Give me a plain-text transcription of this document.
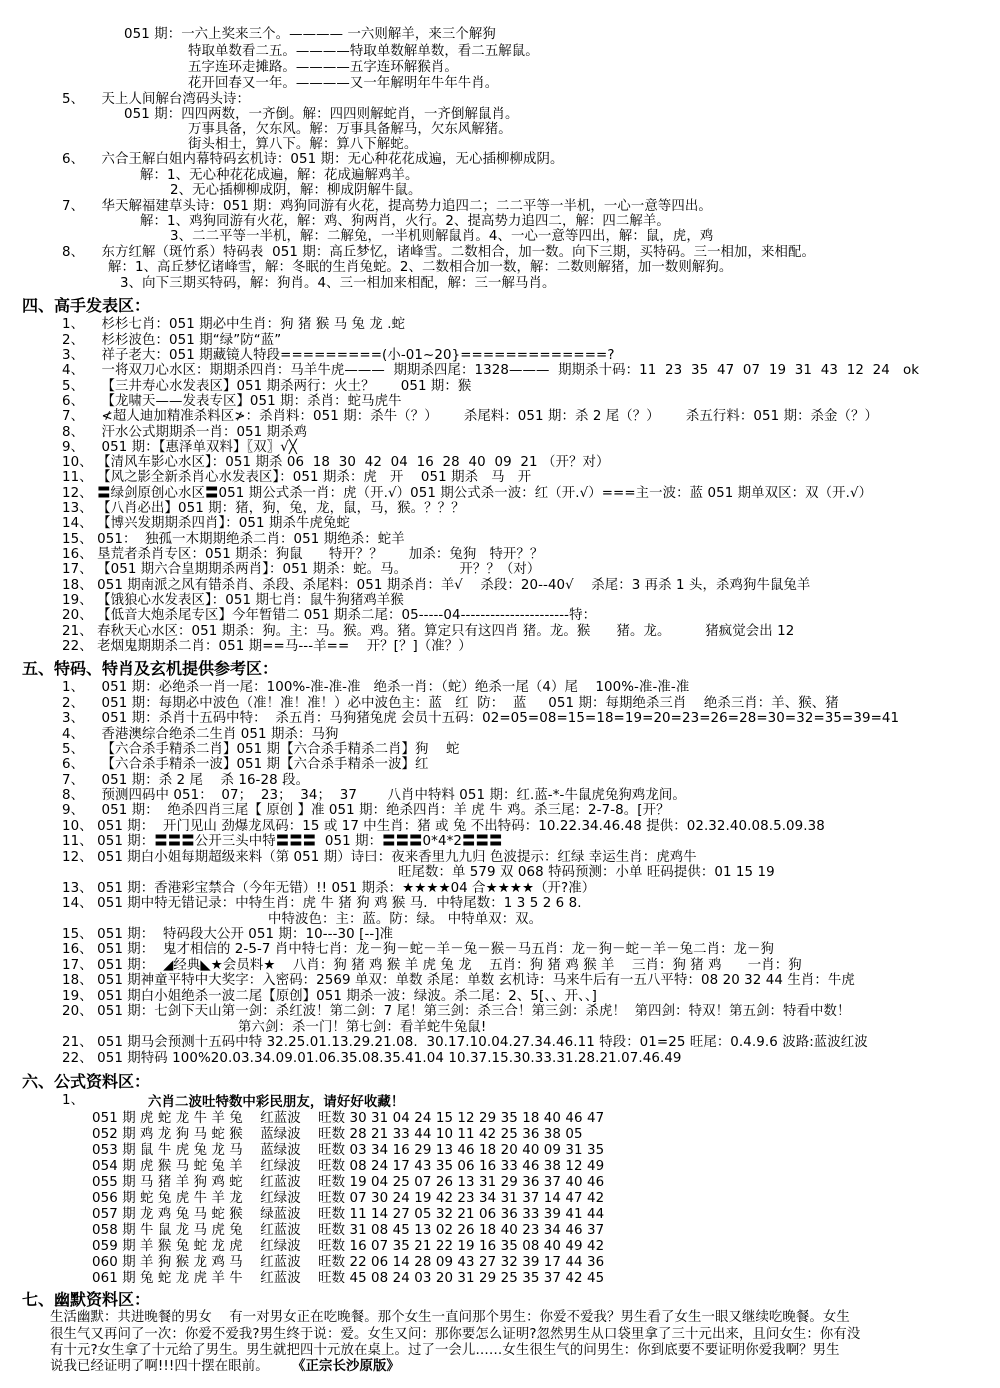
051 期：一六上奖来三个。———— 一六则解羊，来三个解狗
特取单数看二五。————特取单数解单数，看二五解鼠。
五字连环走摊路。————五字连环解猴肖。
花开回春又一年。————又一年解明年牛年牛肖。
5、    天上人间解台湾码头诗：
051 期：四四两数，一齐倒。解：四四则解蛇肖，一齐倒解鼠肖。
万事具备，欠东风。解：万事具备解马，欠东风解猪。
街头相士，算八下。解：算八下解蛇。
6、    六合王解白姐内幕特码玄机诗：051 期：无心种花花成遍，无心插柳柳成阴。
解：1、无心种花花成遍，解：花成遍解鸡羊。
2、无心插柳柳成阴，解：柳成阴解牛鼠。
7、    华天解福建草头诗：051 期：鸡狗同游有火花，提高势力追四二；二二平等一半机，一心一意等四出。
解：1、鸡狗同游有火花，解：鸡、狗两肖，火行。2、提高势力追四二，解：四二解羊。
3、二二平等一半机，解：二解兔，一半机则解鼠肖。4、一心一意等四出，解：鼠，虎，鸡
8、    东方红解（斑竹系）特码表  051 期：高丘梦忆，诸峰雪。二数相合，加一数。向下三期，买特码。三一相加，来相配。
解：1、高丘梦忆诸峰雪，解：冬眠的生肖兔蛇。2、二数相合加一数，解：二数则解猪，加一数则解狗。
3、向下三期买特码，解：狗肖。4、三一相加来相配，解：三一解马肖。
四、高手发表区：
1、    杉杉七肖：051 期必中生肖：狗 猪 猴 马 兔 龙 .蛇
2、    杉杉波色：051 期“绿”防“蓝”
3、    祥子老大：051 期藏镜人特段=========(小-01~20}=============?
4、    一将双刀心水区：期期杀四肖：马羊牛虎———  期期杀四尾：1328———  期期杀十码：11  23  35  47  07  19  31  43  12  24   ok
5、    【三井寿心水发表区】051 期杀两行：火土？      051 期：猴
6、    【龙啸天——发表专区】051 期：杀肖：蛇马虎牛
7、    ≮超人迪加精准杀料区≯：杀肖料：051 期：杀牛（？）      杀尾料：051 期：杀 2 尾（？）      杀五行料：051 期：杀金（？）
8、    汗水公式期期杀一肖：051 期杀鸡
9、    051 期：【惠泽单双料】〖双〗√╳
10、 【清风车影心水区】：051 期杀 06  18  30  42  04  16  28  40  09  21 （开？对）
11、 【风之影全新杀肖心水发表区】：051 期杀：虎   开    051 期杀   马   开
12、 〓绿剑原创心水区〓051 期公式杀一肖：虎（开.√）051 期公式杀一波：红（开.√）===主一波：蓝 051 期单双区：双（开.√）
13、 【八肖必出】051 期：猪，狗，兔，龙，鼠，马，猴。？？？
14、 【博兴发期期杀四肖】：051 期杀牛虎兔蛇
15、 051：  独孤一木期期绝杀二肖：051 期绝杀：蛇羊
16、 垦荒者杀肖专区：051 期杀：狗鼠      特开？？      加杀：兔狗   特开？？
17、 【051 期六合皇期期杀两肖】：051 期杀：蛇。马。            开？？（对）
18、 051 期南派之风有错杀肖、杀段、杀尾料：051 期杀肖：羊√    杀段：20--40√    杀尾：3 再杀 1 头，杀鸡狗牛鼠兔羊
19、 【饿狼心水发表区】：051 期七肖：鼠牛狗猪鸡羊猴
20、 【低音大炮杀尾专区】今年暂错二 051 期杀二尾：05-----04----------------------特：
21、 春秋天心水区：051 期杀：狗。主：马。猴。鸡。猪。算定只有这四肖 猪。龙。猴      猪。龙。        猪疯觉会出 12
22、 老烟鬼期期杀二肖：051 期==马---羊==    开？[？]（准？）
五、特码、特肖及玄机提供参考区：
1、    051 期：必绝杀一肖一尾：100%-准-准-准   绝杀一肖：（蛇）绝杀一尾（4）尾    100%-准-准-准
2、    051 期：每期必中波色（准！准！准！）必中波色主：蓝   红  防：  蓝     051 期：每期绝杀三肖    绝杀三肖：羊、猴、猪
3、    051 期：杀肖十五码中特：  杀五肖：马狗猪兔虎 会员十五码：02=05=08=15=18=19=20=23=26=28=30=32=35=39=41
4、    香港澳综合绝杀二生肖 051 期杀：马狗
5、    【六合杀手精杀二肖】051 期【六合杀手精杀二肖】狗    蛇
6、    【六合杀手精杀一波】051 期【六合杀手精杀一波】红
7、    051 期：杀 2 尾    杀 16-28 段。
8、    预测四码中 051：  07；  23；  34；  37       八肖中特料 051 期：红.蓝-*-牛鼠虎兔狗鸡龙间。
9、    051 期：  绝杀四肖三尾【 原创 】准 051 期：绝杀四肖：羊 虎 牛 鸡。杀三尾：2-7-8。[开？
10、 051 期：  开门见山 劲爆龙凤码：15 或 17 中生肖：猪 或 兔 不出特码：10.22.34.46.48 提供：02.32.40.08.5.09.38
11、 051 期：〓〓〓公开三头中特〓〓〓  051 期：〓〓〓0*4*2〓〓〓
12、 051 期白小姐每期超级来料（第 051 期）诗曰：夜来香里九九归 色波提示：红绿 幸运生肖：虎鸡牛
旺尾数：单 579 双 068 特码预测：小单 旺码提供：01 15 19
13、 051 期：香港彩宝禁合（今年无错）!! 051 期杀：★★★★04 合★★★★（开?准）
14、 051 期中特无错记录：中特生肖：虎 牛 猪 狗 鸡 猴 马.  中特尾数：1 3 5 2 6 8.
中特波色：主：蓝。防：绿。 中特单双：双。
15、 051 期：  特码段大公开 051 期：10---30 [--]准
16、 051 期：  鬼才相信的 2-5-7 肖中特七肖：龙－狗－蛇－羊－兔－猴－马五肖：龙－狗－蛇－羊－兔二肖：龙－狗
17、 051 期：  ◢经典◣★会员料★    八肖：狗 猪 鸡 猴 羊 虎 兔 龙    五肖：狗 猪 鸡 猴 羊    三肖：狗 猪 鸡      一肖：狗
18、 051 期神童平特中大奖字：入密码：2569 单双：单数 杀尾：单数 玄机诗：马来牛后有一五八平特：08 20 32 44 生肖：牛虎
19、 051 期白小姐绝杀一波二尾【原创】051 期杀一波：绿波。杀二尾：2、5[、、开、、]
20、 051 期：七剑下天山第一剑：杀红波！第二剑：7 尾！第三剑：杀三合！第三剑：杀虎！  第四剑：特双！第五剑：特看中数！
第六剑：杀一门！第七剑：看羊蛇牛兔鼠!
21、 051 期马会预测十五码中特 32.25.01.13.29.21.08.  30.17.10.04.27.34.46.11 特段：01=25 旺尾：0.4.9.6 波路:蓝波红波
22、 051 期特码 100%20.03.34.09.01.06.35.08.35.41.04 10.37.15.30.33.31.28.21.07.46.49
六、公式资料区：
1、	六肖二波吐特数中彩民朋友，请好好收藏！
051 期 虎 蛇 龙 牛 羊 兔    红蓝波    旺数 30 31 04 24 15 12 29 35 18 40 46 47
052 期 鸡 龙 狗 马 蛇 猴    蓝绿波    旺数 28 21 33 44 10 11 42 25 36 38 05
053 期 鼠 牛 虎 兔 龙 马    蓝绿波    旺数 03 34 16 29 13 46 18 20 40 09 31 35
054 期 虎 猴 马 蛇 兔 羊    红绿波    旺数 08 24 17 43 35 06 16 33 46 38 12 49
055 期 马 猪 羊 狗 鸡 蛇    红蓝波    旺数 19 04 25 07 26 13 31 29 36 37 40 46
056 期 蛇 兔 虎 牛 羊 龙    红绿波    旺数 07 30 24 19 42 23 34 31 37 14 47 42
057 期 龙 鸡 兔 马 蛇 猴    绿蓝波    旺数 11 14 27 05 32 21 06 36 33 39 41 44
058 期 牛 鼠 龙 马 虎 兔    红蓝波    旺数 31 08 45 13 02 26 18 40 23 34 46 37
059 期 羊 猴 兔 蛇 龙 虎    红绿波    旺数 16 07 35 21 22 19 16 35 08 40 49 42
060 期 羊 狗 猴 龙 鸡 马    红蓝波    旺数 22 06 14 28 09 43 27 32 39 17 44 36
061 期 兔 蛇 龙 虎 羊 牛    红蓝波    旺数 45 08 24 03 20 31 29 25 35 37 42 45
七、幽默资料区：
生活幽默：共进晚餐的男女    有一对男女正在吃晚餐。那个女生一直问那个男生：你爱不爱我？男生看了女生一眼又继续吃晚餐。女生
很生气又再问了一次：你爱不爱我?男生终于说：爱。女生又问：那你要怎么证明?忽然男生从口袋里拿了三十元出来，且问女生：你有没
有十元?女生拿了十元给了男生。男生就把四十元放在桌上。过了一会儿……女生很生气的问男生：你到底要不要证明你爱我啊？男生
说我已经证明了啊!!!四十摆在眼前。 《正宗长沙原版》
